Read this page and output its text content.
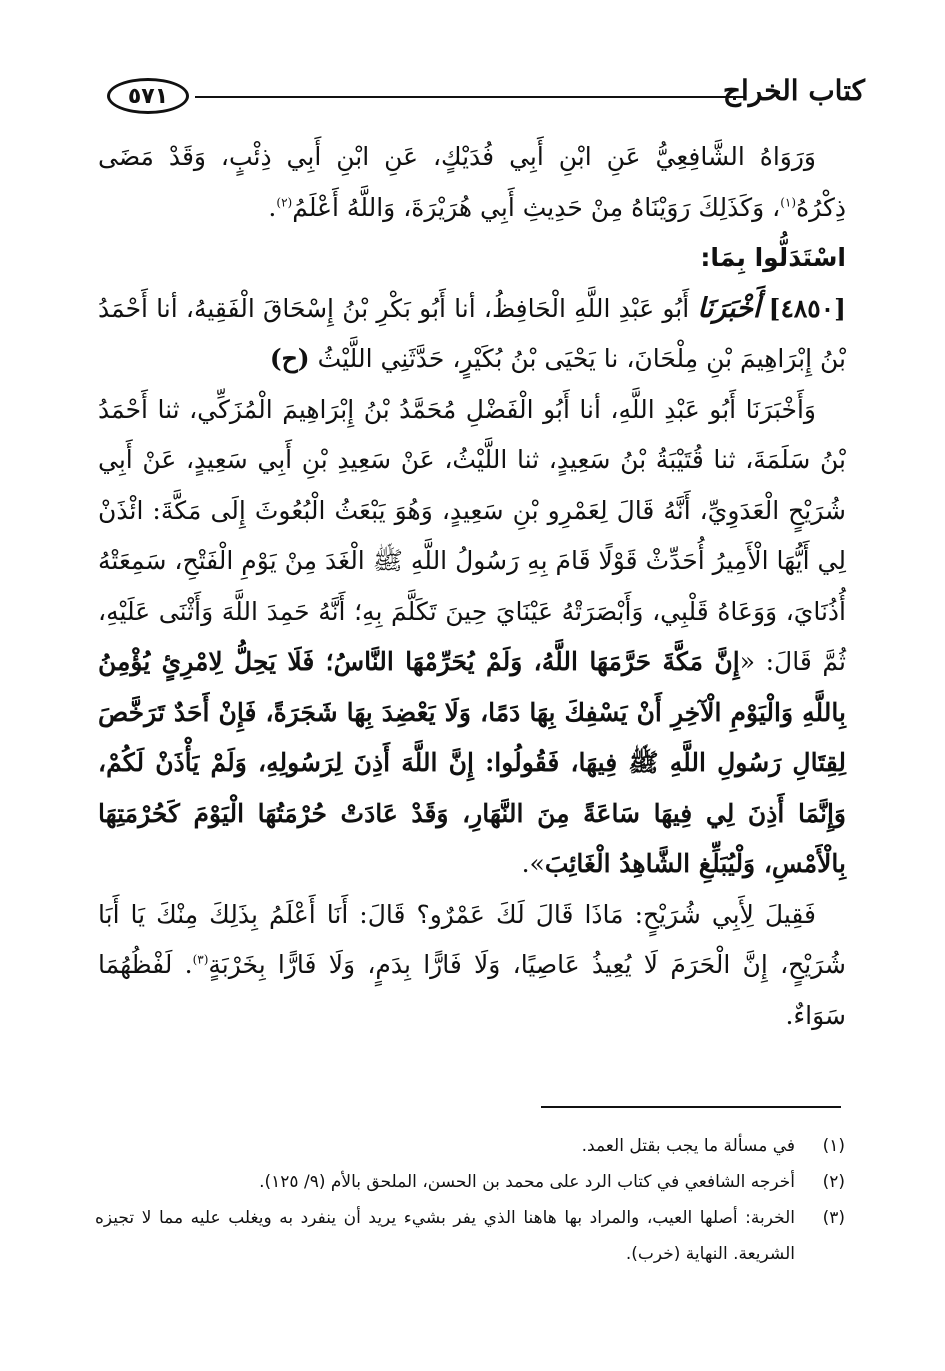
٥٧١	كتاب الخراج

وَرَوَاهُ الشَّافِعِيُّ عَنِ ابْنِ أَبِي فُدَيْكٍ، عَنِ ابْنِ أَبِي ذِئْبٍ، وَقَدْ مَضَى ذِكْرُهُ$^{(١)}$، وَكَذَلِكَ رَوَيْنَاهُ مِنْ حَدِيثِ أَبِي هُرَيْرَةَ، وَاللَّهُ أَعْلَمُ$^{(٢)}$.

اسْتَدَلُّوا بِمَا:

[٤٨٥٠] أَخْبَرَنَا أَبُو عَبْدِ اللَّهِ الْحَافِظُ، أنا أَبُو بَكْرِ بْنُ إِسْحَاقَ الْفَقِيهُ، أنا أَحْمَدُ بْنُ إِبْرَاهِيمَ بْنِ مِلْحَانَ، نا يَحْيَى بْنُ بُكَيْرٍ، حَدَّثَنِي اللَّيْثُ (ح)

وَأَخْبَرَنَا أَبُو عَبْدِ اللَّهِ، أنا أَبُو الْفَضْلِ مُحَمَّدُ بْنُ إِبْرَاهِيمَ الْمُزَكِّي، ثنا أَحْمَدُ بْنُ سَلَمَةَ، ثنا قُتَيْبَةُ بْنُ سَعِيدٍ، ثنا اللَّيْثُ، عَنْ سَعِيدِ بْنِ أَبِي سَعِيدٍ، عَنْ أَبِي شُرَيْحٍ الْعَدَوِيِّ، أَنَّهُ قَالَ لِعَمْرِو بْنِ سَعِيدٍ، وَهُوَ يَبْعَثُ الْبُعُوثَ إِلَى مَكَّةَ: ائْذَنْ لِي أَيُّهَا الْأَمِيرُ أُحَدِّثْ قَوْلًا قَامَ بِهِ رَسُولُ اللَّهِ ﷺ الْغَدَ مِنْ يَوْمِ الْفَتْحِ، سَمِعَتْهُ أُذُنَايَ، وَوَعَاهُ قَلْبِي، وَأَبْصَرَتْهُ عَيْنَايَ حِينَ تَكَلَّمَ بِهِ؛ أَنَّهُ حَمِدَ اللَّهَ وَأَثْنَى عَلَيْهِ، ثُمَّ قَالَ: «إِنَّ مَكَّةَ حَرَّمَهَا اللَّهُ، وَلَمْ يُحَرِّمْهَا النَّاسُ؛ فَلَا يَحِلُّ لِامْرِئٍ يُؤْمِنُ بِاللَّهِ وَالْيَوْمِ الْآخِرِ أَنْ يَسْفِكَ بِهَا دَمًا، وَلَا يَعْضِدَ بِهَا شَجَرَةً، فَإِنْ أَحَدٌ تَرَخَّصَ لِقِتَالِ رَسُولِ اللَّهِ ﷺ فِيهَا، فَقُولُوا: إِنَّ اللَّهَ أَذِنَ لِرَسُولِهِ، وَلَمْ يَأْذَنْ لَكُمْ، وَإِنَّمَا أَذِنَ لِي فِيهَا سَاعَةً مِنَ النَّهَارِ، وَقَدْ عَادَتْ حُرْمَتُهَا الْيَوْمَ كَحُرْمَتِهَا بِالْأَمْسِ، وَلْيُبَلِّغِ الشَّاهِدُ الْغَائِبَ».

فَقِيلَ لِأَبِي شُرَيْحٍ: مَاذَا قَالَ لَكَ عَمْرٌو؟ قَالَ: أَنَا أَعْلَمُ بِذَلِكَ مِنْكَ يَا أَبَا شُرَيْحٍ، إِنَّ الْحَرَمَ لَا يُعِيذُ عَاصِيًا، وَلَا فَارًّا بِدَمٍ، وَلَا فَارًّا بِخَرْبَةٍ$^{(٣)}$. لَفْظُهُمَا سَوَاءٌ.

(١)
في مسألة ما يجب بقتل العمد.
(٢)
أخرجه الشافعي في كتاب الرد على محمد بن الحسن، الملحق بالأم (٩/ ١٢٥).
(٣)
الخربة: أصلها العيب، والمراد بها هاهنا الذي يفر بشيء يريد أن ينفرد به ويغلب عليه مما لا تجيزه الشريعة. النهاية (خرب).
